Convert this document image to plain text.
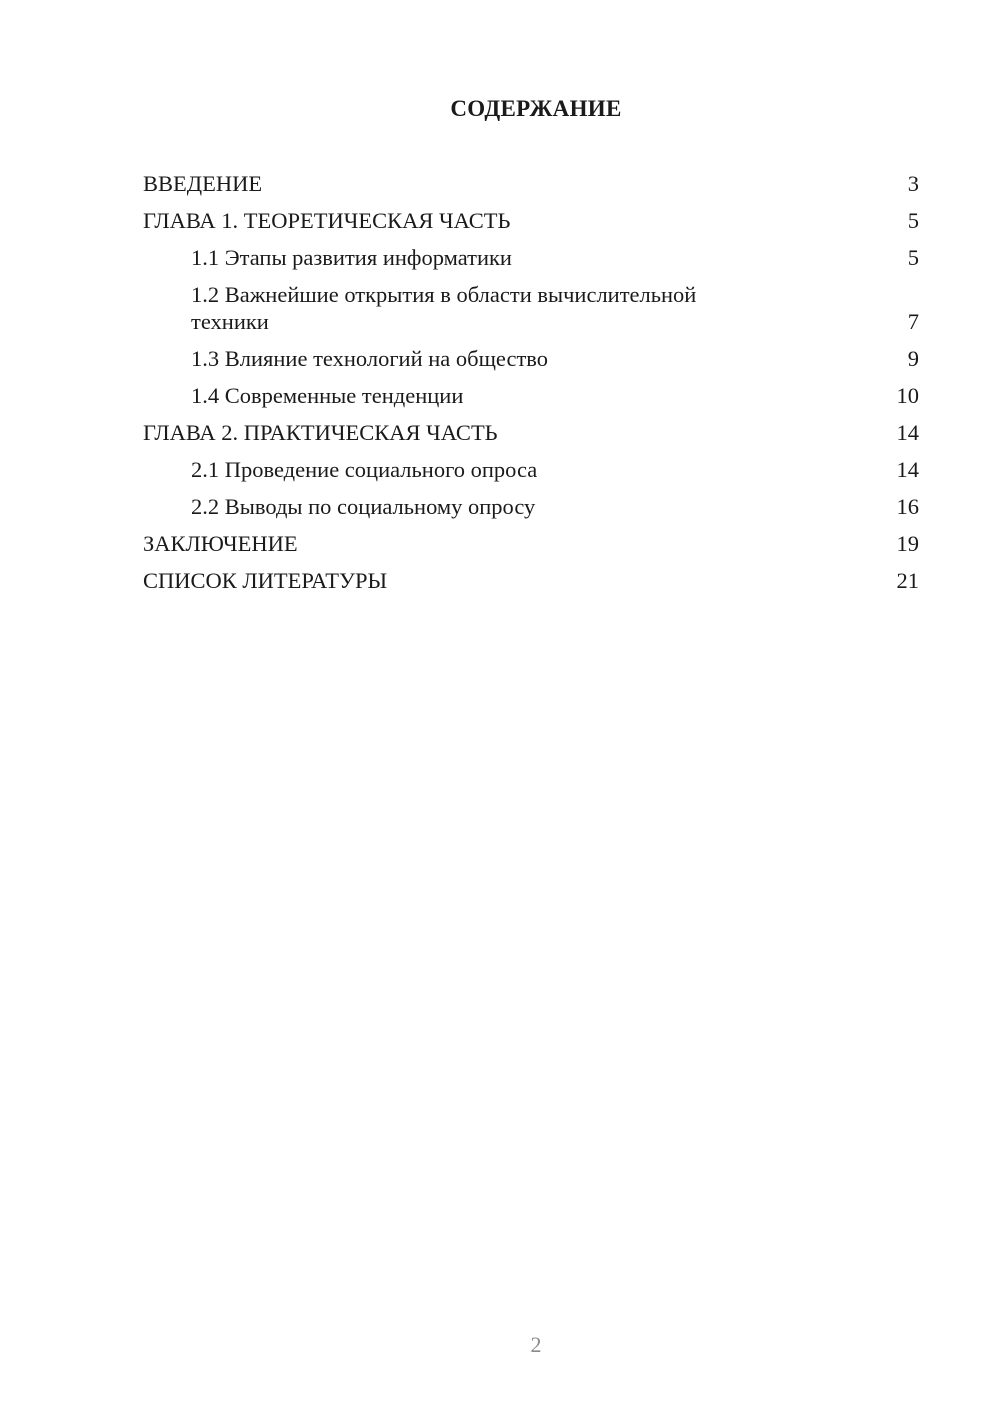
СОДЕРЖАНИЕ
ВВЕДЕНИЕ	3
ГЛАВА 1. ТЕОРЕТИЧЕСКАЯ ЧАСТЬ	5
1.1 Этапы развития информатики	5
1.2 Важнейшие открытия в области вычислительной техники	7
1.3 Влияние технологий на общество	9
1.4 Современные тенденции	10
ГЛАВА 2. ПРАКТИЧЕСКАЯ ЧАСТЬ	14
2.1 Проведение социального опроса	14
2.2 Выводы по социальному опросу	16
ЗАКЛЮЧЕНИЕ	19
СПИСОК ЛИТЕРАТУРЫ	21
2
